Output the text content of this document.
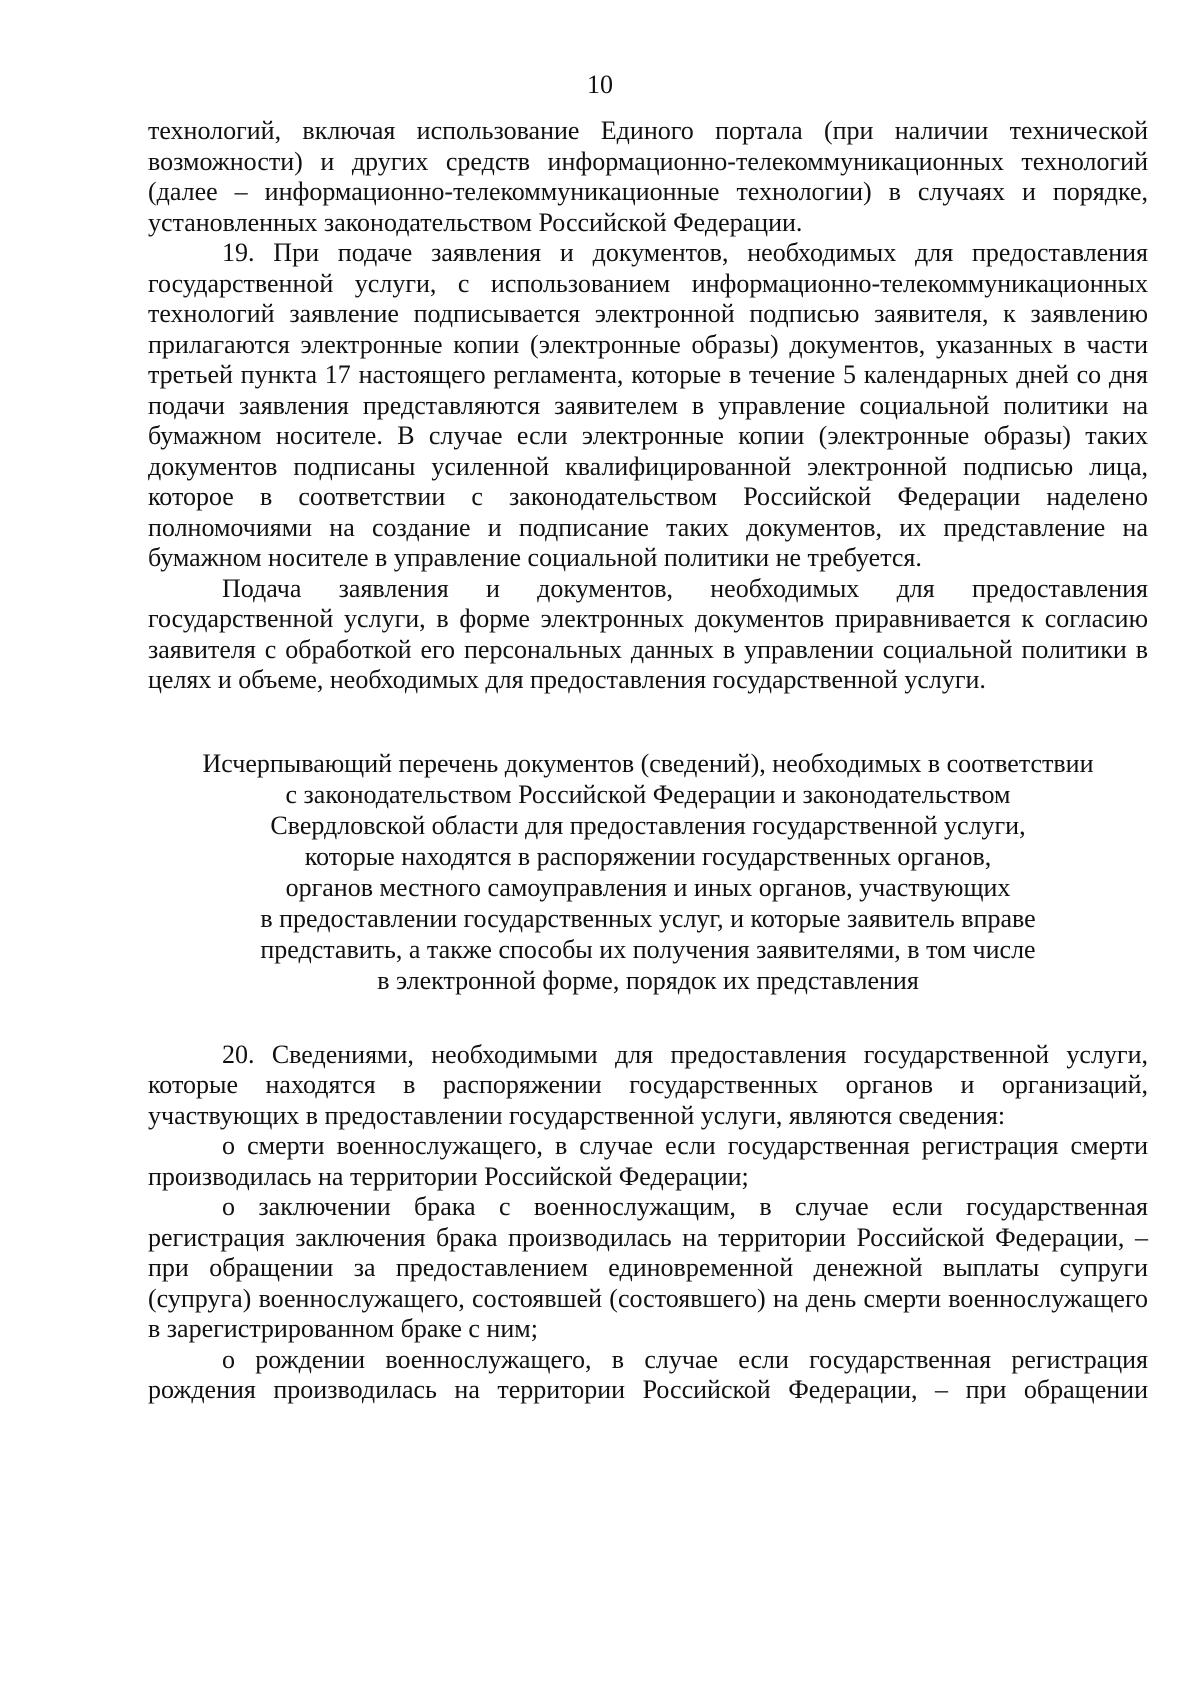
10

технологий, включая использование Единого портала (при наличии технической возможности) и других средств информационно-телекоммуникационных технологий (далее – информационно-телекоммуникационные технологии) в случаях и порядке, установленных законодательством Российской Федерации.

19. При подаче заявления и документов, необходимых для предоставления государственной услуги, с использованием информационно-телекоммуникационных технологий заявление подписывается электронной подписью заявителя, к заявлению прилагаются электронные копии (электронные образы) документов, указанных в части третьей пункта 17 настоящего регламента, которые в течение 5 календарных дней со дня подачи заявления представляются заявителем в управление социальной политики на бумажном носителе. В случае если электронные копии (электронные образы) таких документов подписаны усиленной квалифицированной электронной подписью лица, которое в соответствии с законодательством Российской Федерации наделено полномочиями на создание и подписание таких документов, их представление на бумажном носителе в управление социальной политики не требуется.

Подача заявления и документов, необходимых для предоставления государственной услуги, в форме электронных документов приравнивается к согласию заявителя с обработкой его персональных данных в управлении социальной политики в целях и объеме, необходимых для предоставления государственной услуги.

Исчерпывающий перечень документов (сведений), необходимых в соответствии
с законодательством Российской Федерации и законодательством
Свердловской области для предоставления государственной услуги,
которые находятся в распоряжении государственных органов,
органов местного самоуправления и иных органов, участвующих
в предоставлении государственных услуг, и которые заявитель вправе
представить, а также способы их получения заявителями, в том числе
в электронной форме, порядок их представления

20. Сведениями, необходимыми для предоставления государственной услуги, которые находятся в распоряжении государственных органов и организаций, участвующих в предоставлении государственной услуги, являются сведения:

о смерти военнослужащего, в случае если государственная регистрация смерти производилась на территории Российской Федерации;

о заключении брака с военнослужащим, в случае если государственная регистрация заключения брака производилась на территории Российской Федерации, – при обращении за предоставлением единовременной денежной выплаты супруги (супруга) военнослужащего, состоявшей (состоявшего) на день смерти военнослужащего в зарегистрированном браке с ним;

о рождении военнослужащего, в случае если государственная регистрация рождения производилась на территории Российской Федерации, – при обращении
